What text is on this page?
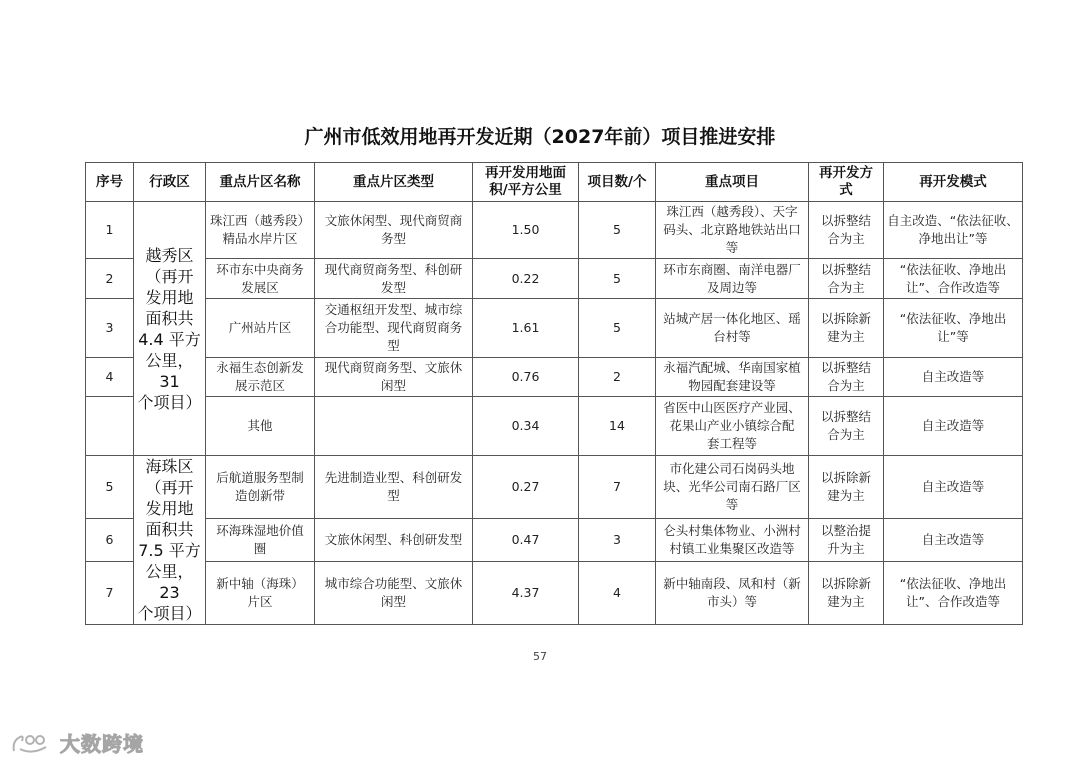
广州市低效用地再开发近期（2027年前）项目推进安排
序号	行政区	重点片区名称	重点片区类型	再开发用地面
积/平方公里	项目数/个	重点项目	再开发方
式	再开发模式
1	越秀区
（再开
发用地
面积共
4.4 平方
公里，31
个项目）	珠江西（越秀段）
精品水岸片区	文旅休闲型、现代商贸商
务型	1.50	5	珠江西（越秀段）、天字
码头、北京路地铁站出口
等	以拆整结
合为主	自主改造、“依法征收、
净地出让”等
2	环市东中央商务
发展区	现代商贸商务型、科创研
发型	0.22	5	环市东商圈、南洋电器厂
及周边等	以拆整结
合为主	“依法征收、净地出
让”、合作改造等
3	广州站片区	交通枢纽开发型、城市综
合功能型、现代商贸商务
型	1.61	5	站城产居一体化地区、瑶
台村等	以拆除新
建为主	“依法征收、净地出
让”等
4	永福生态创新发
展示范区	现代商贸商务型、文旅休
闲型	0.76	2	永福汽配城、华南国家植
物园配套建设等	以拆整结
合为主	自主改造等
	其他		0.34	14	省医中山医医疗产业园、
花果山产业小镇综合配
套工程等	以拆整结
合为主	自主改造等
5	海珠区
（再开
发用地
面积共
7.5 平方
公里，23
个项目）	后航道服务型制
造创新带	先进制造业型、科创研发
型	0.27	7	市化建公司石岗码头地
块、光华公司南石路厂区
等	以拆除新
建为主	自主改造等
6	环海珠湿地价值
圈	文旅休闲型、科创研发型	0.47	3	仑头村集体物业、小洲村
村镇工业集聚区改造等	以整治提
升为主	自主改造等
7	新中轴（海珠）
片区	城市综合功能型、文旅休
闲型	4.37	4	新中轴南段、凤和村（新
市头）等	以拆除新
建为主	“依法征收、净地出
让”、合作改造等
57
大数跨境
